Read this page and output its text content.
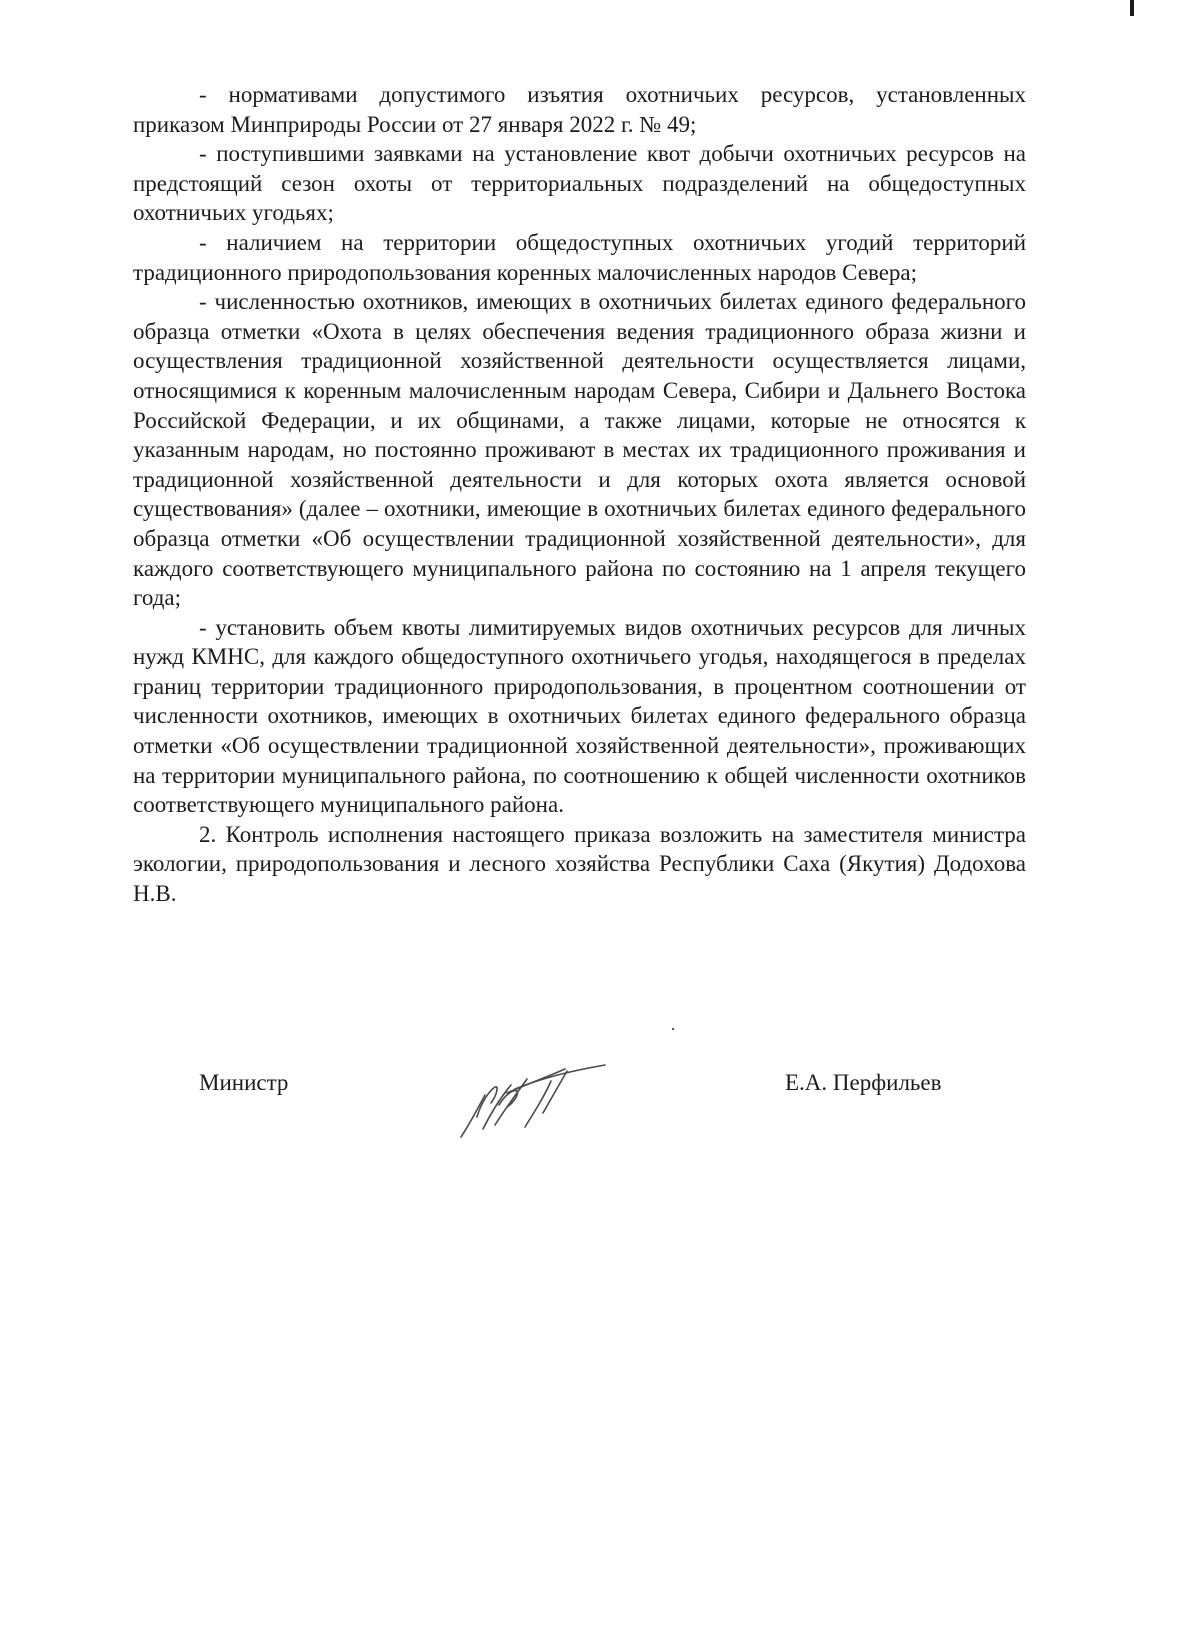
- нормативами допустимого изъятия охотничьих ресурсов, установленных приказом Минприроды России от 27 января 2022 г. № 49;

- поступившими заявками на установление квот добычи охотничьих ресурсов на предстоящий сезон охоты от территориальных подразделений на общедоступных охотничьих угодьях;

- наличием на территории общедоступных охотничьих угодий территорий традиционного природопользования коренных малочисленных народов Севера;

- численностью охотников, имеющих в охотничьих билетах единого федерального образца отметки «Охота в целях обеспечения ведения традиционного образа жизни и осуществления традиционной хозяйственной деятельности осуществляется лицами, относящимися к коренным малочисленным народам Севера, Сибири и Дальнего Востока Российской Федерации, и их общинами, а также лицами, которые не относятся к указанным народам, но постоянно проживают в местах их традиционного проживания и традиционной хозяйственной деятельности и для которых охота является основой существования» (далее – охотники, имеющие в охотничьих билетах единого федерального образца отметки «Об осуществлении традиционной хозяйственной деятельности», для каждого соответствующего муниципального района по состоянию на 1 апреля текущего года;

- установить объем квоты лимитируемых видов охотничьих ресурсов для личных нужд КМНС, для каждого общедоступного охотничьего угодья, находящегося в пределах границ территории традиционного природопользования, в процентном соотношении от численности охотников, имеющих в охотничьих билетах единого федерального образца отметки «Об осуществлении традиционной хозяйственной деятельности», проживающих на территории муниципального района, по соотношению к общей численности охотников соответствующего муниципального района.

2. Контроль исполнения настоящего приказа возложить на заместителя министра экологии, природопользования и лесного хозяйства Республики Саха (Якутия) Додохова Н.В.

Министр	Е.А. Перфильев
